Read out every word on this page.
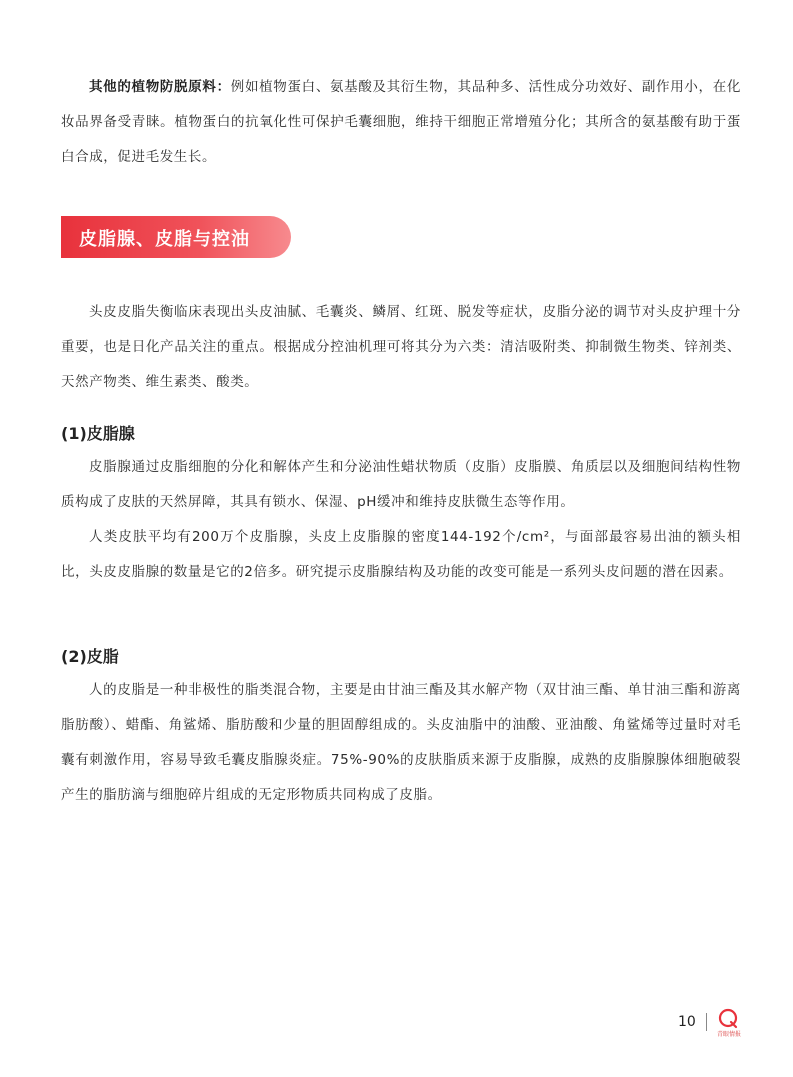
其他的植物防脱原料：例如植物蛋白、氨基酸及其衍生物，其品种多、活性成分功效好、副作用小，在化妆品界备受青睐。植物蛋白的抗氧化性可保护毛囊细胞，维持干细胞正常增殖分化；其所含的氨基酸有助于蛋白合成，促进毛发生长。

皮脂腺、皮脂与控油

头皮皮脂失衡临床表现出头皮油腻、毛囊炎、鳞屑、红斑、脱发等症状，皮脂分泌的调节对头皮护理十分重要，也是日化产品关注的重点。根据成分控油机理可将其分为六类：清洁吸附类、抑制微生物类、锌剂类、天然产物类、维生素类、酸类。

(1)皮脂腺

皮脂腺通过皮脂细胞的分化和解体产生和分泌油性蜡状物质（皮脂）皮脂膜、角质层以及细胞间结构性物质构成了皮肤的天然屏障，其具有锁水、保湿、pH缓冲和维持皮肤微生态等作用。

人类皮肤平均有200万个皮脂腺，头皮上皮脂腺的密度144-192个/cm²，与面部最容易出油的额头相比，头皮皮脂腺的数量是它的2倍多。研究提示皮脂腺结构及功能的改变可能是一系列头皮问题的潜在因素。

(2)皮脂

人的皮脂是一种非极性的脂类混合物，主要是由甘油三酯及其水解产物（双甘油三酯、单甘油三酯和游离脂肪酸）、蜡酯、角鲨烯、脂肪酸和少量的胆固醇组成的。头皮油脂中的油酸、亚油酸、角鲨烯等过量时对毛囊有刺激作用，容易导致毛囊皮脂腺炎症。75%-90%的皮肤脂质来源于皮脂腺，成熟的皮脂腺腺体细胞破裂产生的脂肪滴与细胞碎片组成的无定形物质共同构成了皮脂。

10
青眼情报
